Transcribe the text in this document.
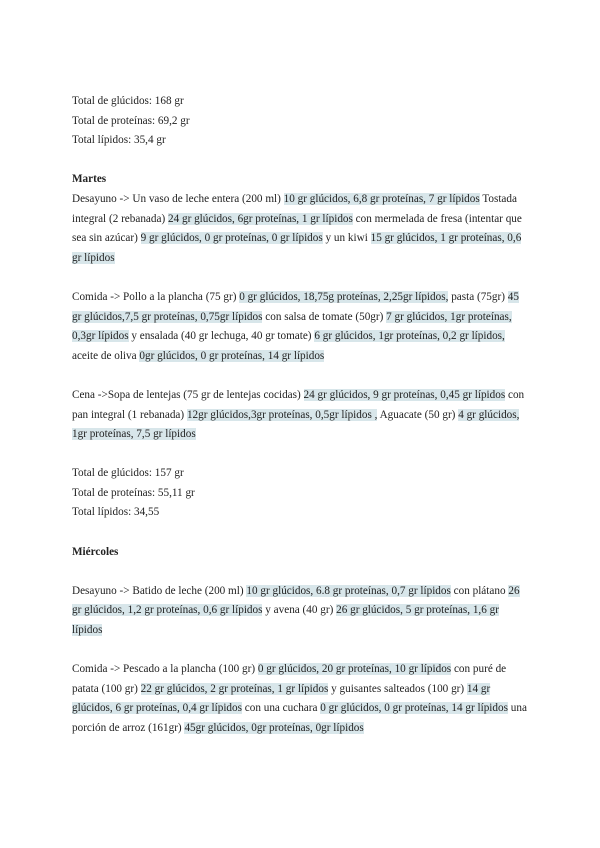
Total de glúcidos: 168 gr

Total de proteínas: 69,2 gr

Total lípidos: 35,4 gr

Martes

Desayuno -> Un vaso de leche entera (200 ml) 10 gr glúcidos, 6,8 gr proteínas, 7 gr lípidos Tostada integral (2 rebanada) 24 gr glúcidos, 6gr proteínas, 1 gr lípidos con mermelada de fresa (intentar que sea sin azúcar) 9 gr glúcidos, 0 gr proteínas, 0 gr lípidos y un kiwi 15 gr glúcidos, 1 gr proteínas, 0,6 gr lípidos

Comida -> Pollo a la plancha (75 gr) 0 gr glúcidos, 18,75g proteínas, 2,25gr lípidos, pasta (75gr) 45 gr glúcidos,7,5 gr proteínas, 0,75gr lípidos con salsa de tomate (50gr) 7 gr glúcidos, 1gr proteínas, 0,3gr lípidos y ensalada (40 gr lechuga, 40 gr tomate) 6 gr glúcidos, 1gr proteínas, 0,2 gr lípidos, aceite de oliva 0gr glúcidos, 0 gr proteínas, 14 gr lípidos

Cena ->Sopa de lentejas (75 gr de lentejas cocidas) 24 gr glúcidos, 9 gr proteínas, 0,45 gr lípidos con pan integral (1 rebanada) 12gr glúcidos,3gr proteínas, 0,5gr lípidos , Aguacate (50 gr) 4 gr glúcidos, 1gr proteínas, 7,5 gr lípidos

Total de glúcidos: 157 gr

Total de proteínas: 55,11 gr

Total lípidos: 34,55

Miércoles

Desayuno -> Batido de leche (200 ml) 10 gr glúcidos, 6.8 gr proteínas, 0,7 gr lípidos con plátano 26 gr glúcidos, 1,2 gr proteínas, 0,6 gr lípidos y avena (40 gr) 26 gr glúcidos, 5 gr proteínas, 1,6 gr lípidos

Comida -> Pescado a la plancha (100 gr) 0 gr glúcidos, 20 gr proteínas, 10 gr lípidos con puré de patata (100 gr) 22 gr glúcidos, 2 gr proteínas, 1 gr lípidos y guisantes salteados (100 gr) 14 gr glúcidos, 6 gr proteínas, 0,4 gr lípidos con una cuchara 0 gr glúcidos, 0 gr proteínas, 14 gr lípidos una porción de arroz (161gr) 45gr glúcidos, 0gr proteínas, 0gr lípidos
